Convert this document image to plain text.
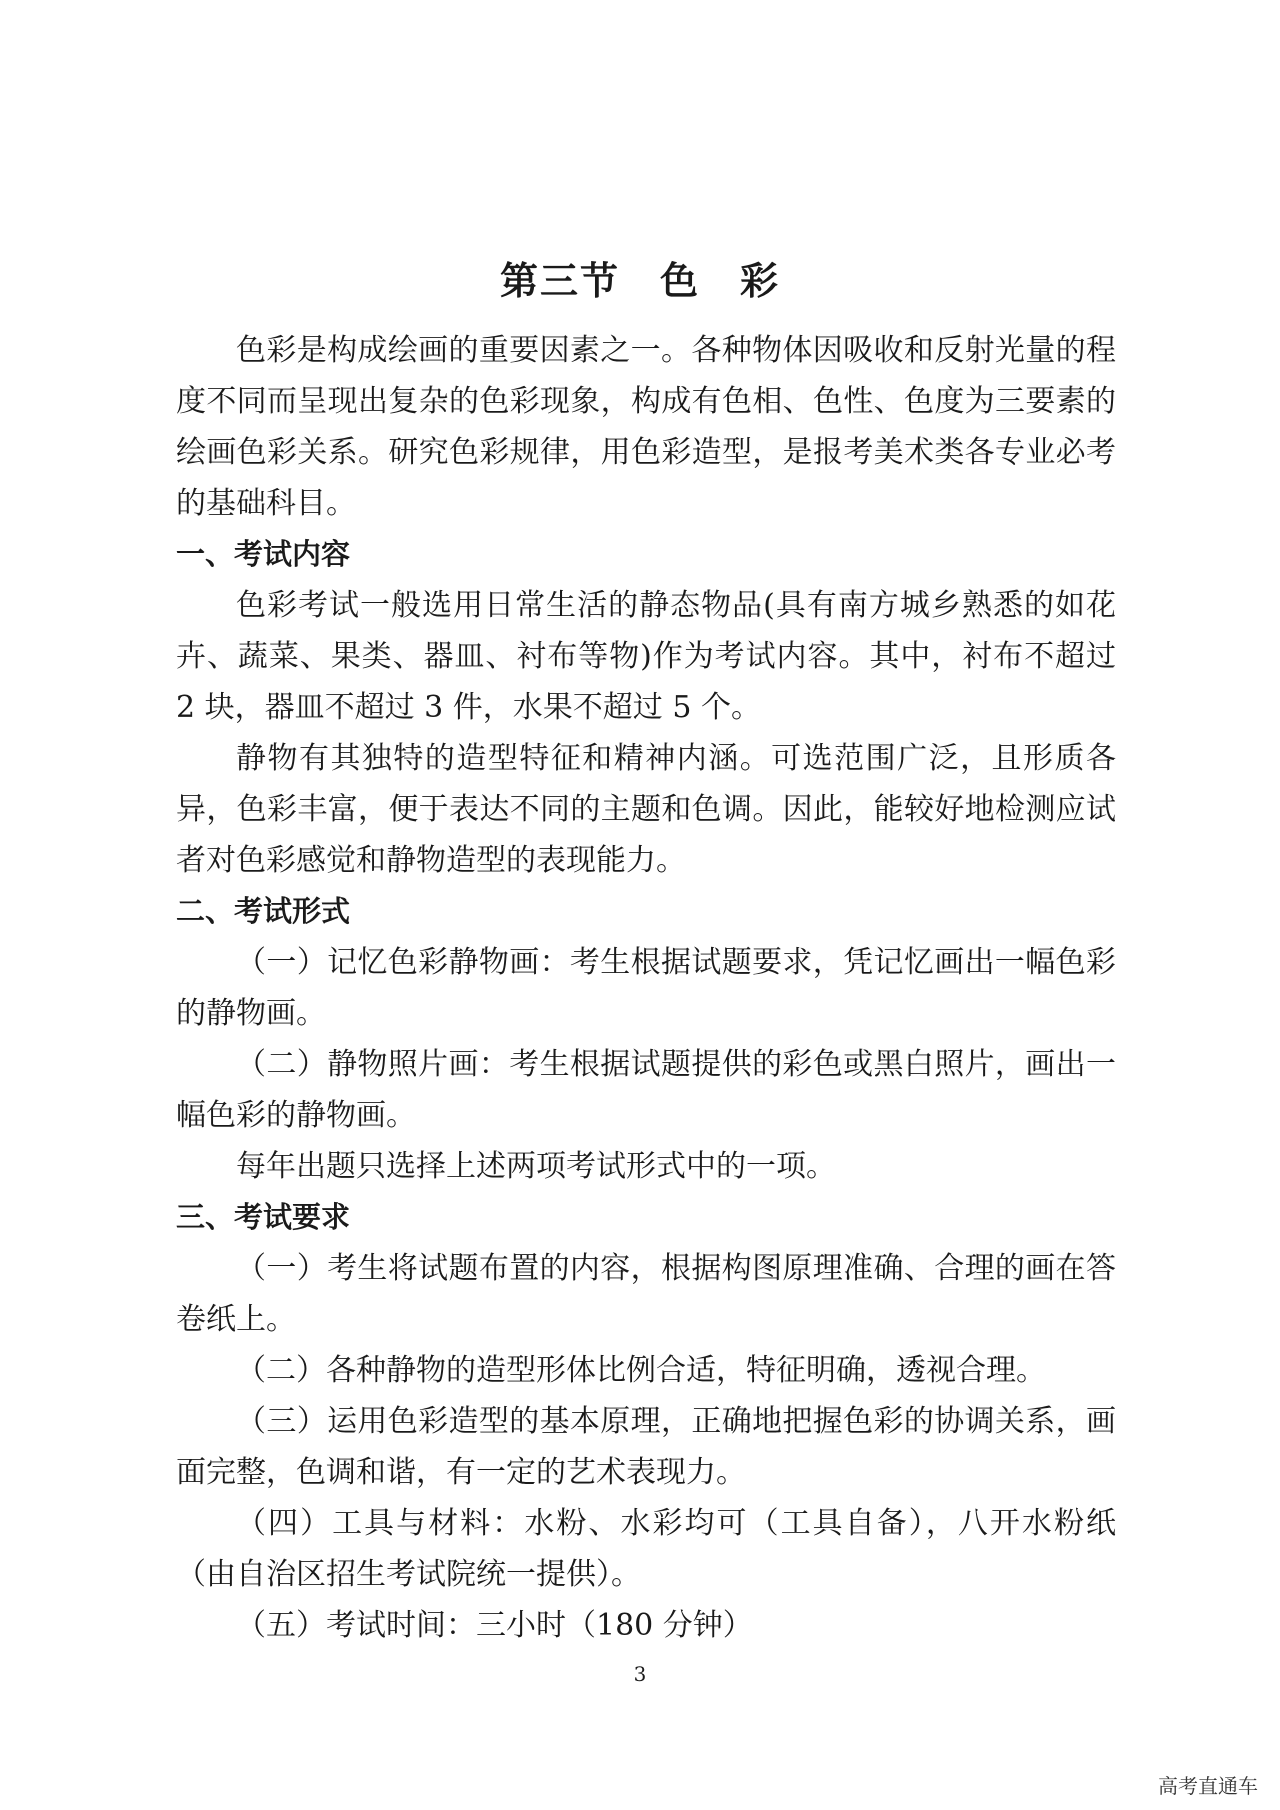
第三节　色　彩

色彩是构成绘画的重要因素之一。各种物体因吸收和反射光量的程度不同而呈现出复杂的色彩现象，构成有色相、色性、色度为三要素的绘画色彩关系。研究色彩规律，用色彩造型，是报考美术类各专业必考的基础科目。

一、考试内容

色彩考试一般选用日常生活的静态物品(具有南方城乡熟悉的如花卉、蔬菜、果类、器皿、衬布等物)作为考试内容。其中，衬布不超过 2 块，器皿不超过 3 件，水果不超过 5 个。

静物有其独特的造型特征和精神内涵。可选范围广泛，且形质各异，色彩丰富，便于表达不同的主题和色调。因此，能较好地检测应试者对色彩感觉和静物造型的表现能力。

二、考试形式

（一）记忆色彩静物画：考生根据试题要求，凭记忆画出一幅色彩的静物画。

（二）静物照片画：考生根据试题提供的彩色或黑白照片，画出一幅色彩的静物画。

每年出题只选择上述两项考试形式中的一项。

三、考试要求

（一）考生将试题布置的内容，根据构图原理准确、合理的画在答卷纸上。

（二）各种静物的造型形体比例合适，特征明确，透视合理。

（三）运用色彩造型的基本原理，正确地把握色彩的协调关系，画面完整，色调和谐，有一定的艺术表现力。

（四）工具与材料：水粉、水彩均可（工具自备），八开水粉纸（由自治区招生考试院统一提供）。

（五）考试时间：三小时（180 分钟）

3
高考直通车
